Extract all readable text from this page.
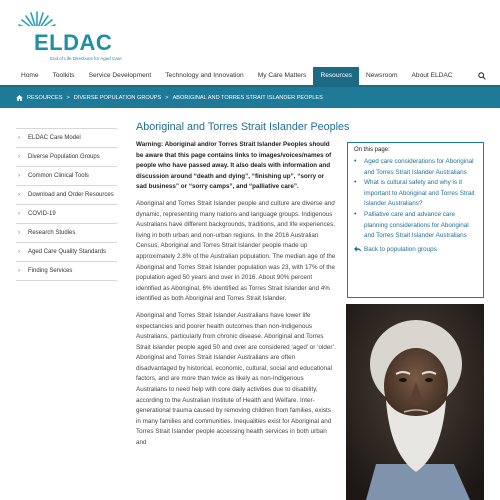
ELDAC
End of Life Directions for Aged Care
Home	Toolkits	Service Development	Technology and Innovation	My Care Matters	Resources	Newsroom	About ELDAC
RESOURCES > DIVERSE POPULATION GROUPS > ABORIGINAL AND TORRES STRAIT ISLANDER PEOPLES
›	ELDAC Care Model
›	Diverse Population Groups
›	Common Clinical Tools
›	Download and Order Resources
›	COVID-19
›	Research Studies
›	Aged Care Quality Standards
›	Finding Services
Aboriginal and Torres Strait Islander Peoples

Warning: Aboriginal and/or Torres Strait Islander Peoples should be aware that this page contains links to images/voices/names of people who have passed away. It also deals with information and discussion around “death and dying”, “finishing up”, “sorry or sad business” or “sorry camps”, and “palliative care”.

Aboriginal and Torres Strait Islander people and culture are diverse and dynamic, representing many nations and language groups. Indigenous Australians have different backgrounds, traditions, and life experiences, living in both urban and non-urban regions. In the 2016 Australian Census, Aboriginal and Torres Strait Islander people made up approximately 2.8% of the Australian population. The median age of the Aboriginal and Torres Strait Islander population was 23, with 17% of the population aged 50 years and over in 2016. About 90% percent identified as Aboriginal, 6% identified as Torres Strait Islander and 4% identified as both Aboriginal and Torres Strait Islander.

Aboriginal and Torres Strait Islander Australians have lower life expectancies and poorer health outcomes than non-Indigenous Australians, particularly from chronic disease. Aboriginal and Torres Strait Islander people aged 50 and over are considered ‘aged’ or ‘older’. Aboriginal and Torres Strait Islander Australians are often disadvantaged by historical, economic, cultural, social and educational factors, and are more than twice as likely as non-Indigenous Australians to need help with core daily activities due to disability, according to the Australian Institute of Health and Welfare. Inter-generational trauma caused by removing children from families, exists in many families and communities. Inequalities exist for Aboriginal and Torres Strait Islander people accessing health services in both urban and

On this page:
•	Aged care considerations for Aboriginal and Torres Strait Islander Australians
•	What is cultural safety and why is it important to Aboriginal and Torres Strait Islander Australians?
•	Palliative care and advance care planning considerations for Aboriginal and Torres Strait Islander Australians
Back to population groups
